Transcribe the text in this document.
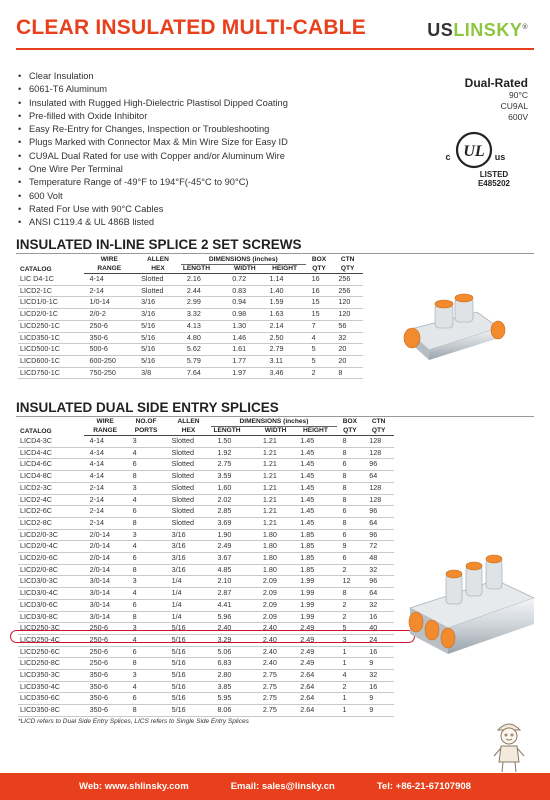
CLEAR INSULATED MULTI-CABLE	USLINSKY®
• Clear Insulation
• 6061-T6 Aluminum
• Insulated with Rugged High-Dielectric Plastisol Dipped Coating
• Pre-filled with Oxide Inhibitor
• Easy Re-Entry for Changes, Inspection or Troubleshooting
• Plugs Marked with Connector Max & Min Wire Size for Easy ID
• CU9AL Dual Rated for use with Copper and/or Aluminum Wire
• One Wire Per Terminal
• Temperature Range of -49°F to 194°F(-45°C to 90°C)
• 600 Volt
• Rated For Use with 90°C Cables
• ANSI C119.4 & UL 486B listed
Dual-Rated
90°C
CU9AL
600V
UL
c	us
LISTED
E485202
INSULATED IN-LINE SPLICE 2 SET SCREWS
CATALOG	WIRE	ALLEN	DIMENSIONS (inches)			BOX	CTN
	RANGE	HEX	LENGTH	WIDTH	HEIGHT	QTY	QTY
LIC D4-1C	4-14	Slotted	2.16	0.72	1.14	16	256
LICD2-1C	2-14	Slotted	2.44	0.83	1.40	16	256
LICD1/0-1C	1/0-14	3/16	2.99	0.94	1.59	15	120
LICD2/0-1C	2/0-2	3/16	3.32	0.98	1.63	15	120
LICD250-1C	250-6	5/16	4.13	1.30	2.14	7	56
LICD350-1C	350-6	5/16	4.80	1.46	2.50	4	32
LICD500-1C	500-6	5/16	5.62	1.61	2.79	5	20
LICD600-1C	600-250	5/16	5.79	1.77	3.11	5	20
LICD750-1C	750-250	3/8	7.64	1.97	3.46	2	8
INSULATED DUAL SIDE ENTRY SPLICES
CATALOG	WIRE	NO.OF	ALLEN	DIMENSIONS (inches)			BOX	CTN
	RANGE	PORTS	HEX	LENGTH	WIDTH	HEIGHT	QTY	QTY
LICD4-3C	4-14	3	Slotted	1.50	1.21	1.45	8	128
LICD4-4C	4-14	4	Slotted	1.92	1.21	1.45	8	128
LICD4-6C	4-14	6	Slotted	2.75	1.21	1.45	6	96
LICD4-8C	4-14	8	Slotted	3.59	1.21	1.45	8	64
LICD2-3C	2-14	3	Slotted	1.60	1.21	1.45	8	128
LICD2-4C	2-14	4	Slotted	2.02	1.21	1.45	8	128
LICD2-6C	2-14	6	Slotted	2.85	1.21	1.45	6	96
LICD2-8C	2-14	8	Slotted	3.69	1.21	1.45	8	64
LICD2/0-3C	2/0-14	3	3/16	1.90	1.80	1.85	6	96
LICD2/0-4C	2/0-14	4	3/16	2.49	1.80	1.85	9	72
LICD2/0-6C	2/0-14	6	3/16	3.67	1.80	1.85	6	48
LICD2/0-8C	2/0-14	8	3/16	4.85	1.80	1.85	2	32
LICD3/0-3C	3/0-14	3	1/4	2.10	2.09	1.99	12	96
LICD3/0-4C	3/0-14	4	1/4	2.87	2.09	1.99	8	64
LICD3/0-6C	3/0-14	6	1/4	4.41	2.09	1.99	2	32
LICD3/0-8C	3/0-14	8	1/4	5.96	2.09	1.99	2	16
LICD250-3C	250-6	3	5/16	2.40	2.40	2.49	5	40
LICD250-4C	250-6	4	5/16	3.29	2.40	2.49	3	24
LICD250-6C	250-6	6	5/16	5.06	2.40	2.49	1	16
LICD250-8C	250-6	8	5/16	6.83	2.40	2.49	1	9
LICD350-3C	350-6	3	5/16	2.80	2.75	2.64	4	32
LICD350-4C	350-6	4	5/16	3.85	2.75	2.64	2	16
LICD350-6C	350-6	6	5/16	5.95	2.75	2.64	1	9
LICD350-8C	350-6	8	5/16	8.06	2.75	2.64	1	9
*LICD refers to Dual Side Entry Splices, LICS refers to Single Side Entry Splices
Web: www.shlinsky.com	Email: sales@linsky.cn	Tel: +86-21-67107908
